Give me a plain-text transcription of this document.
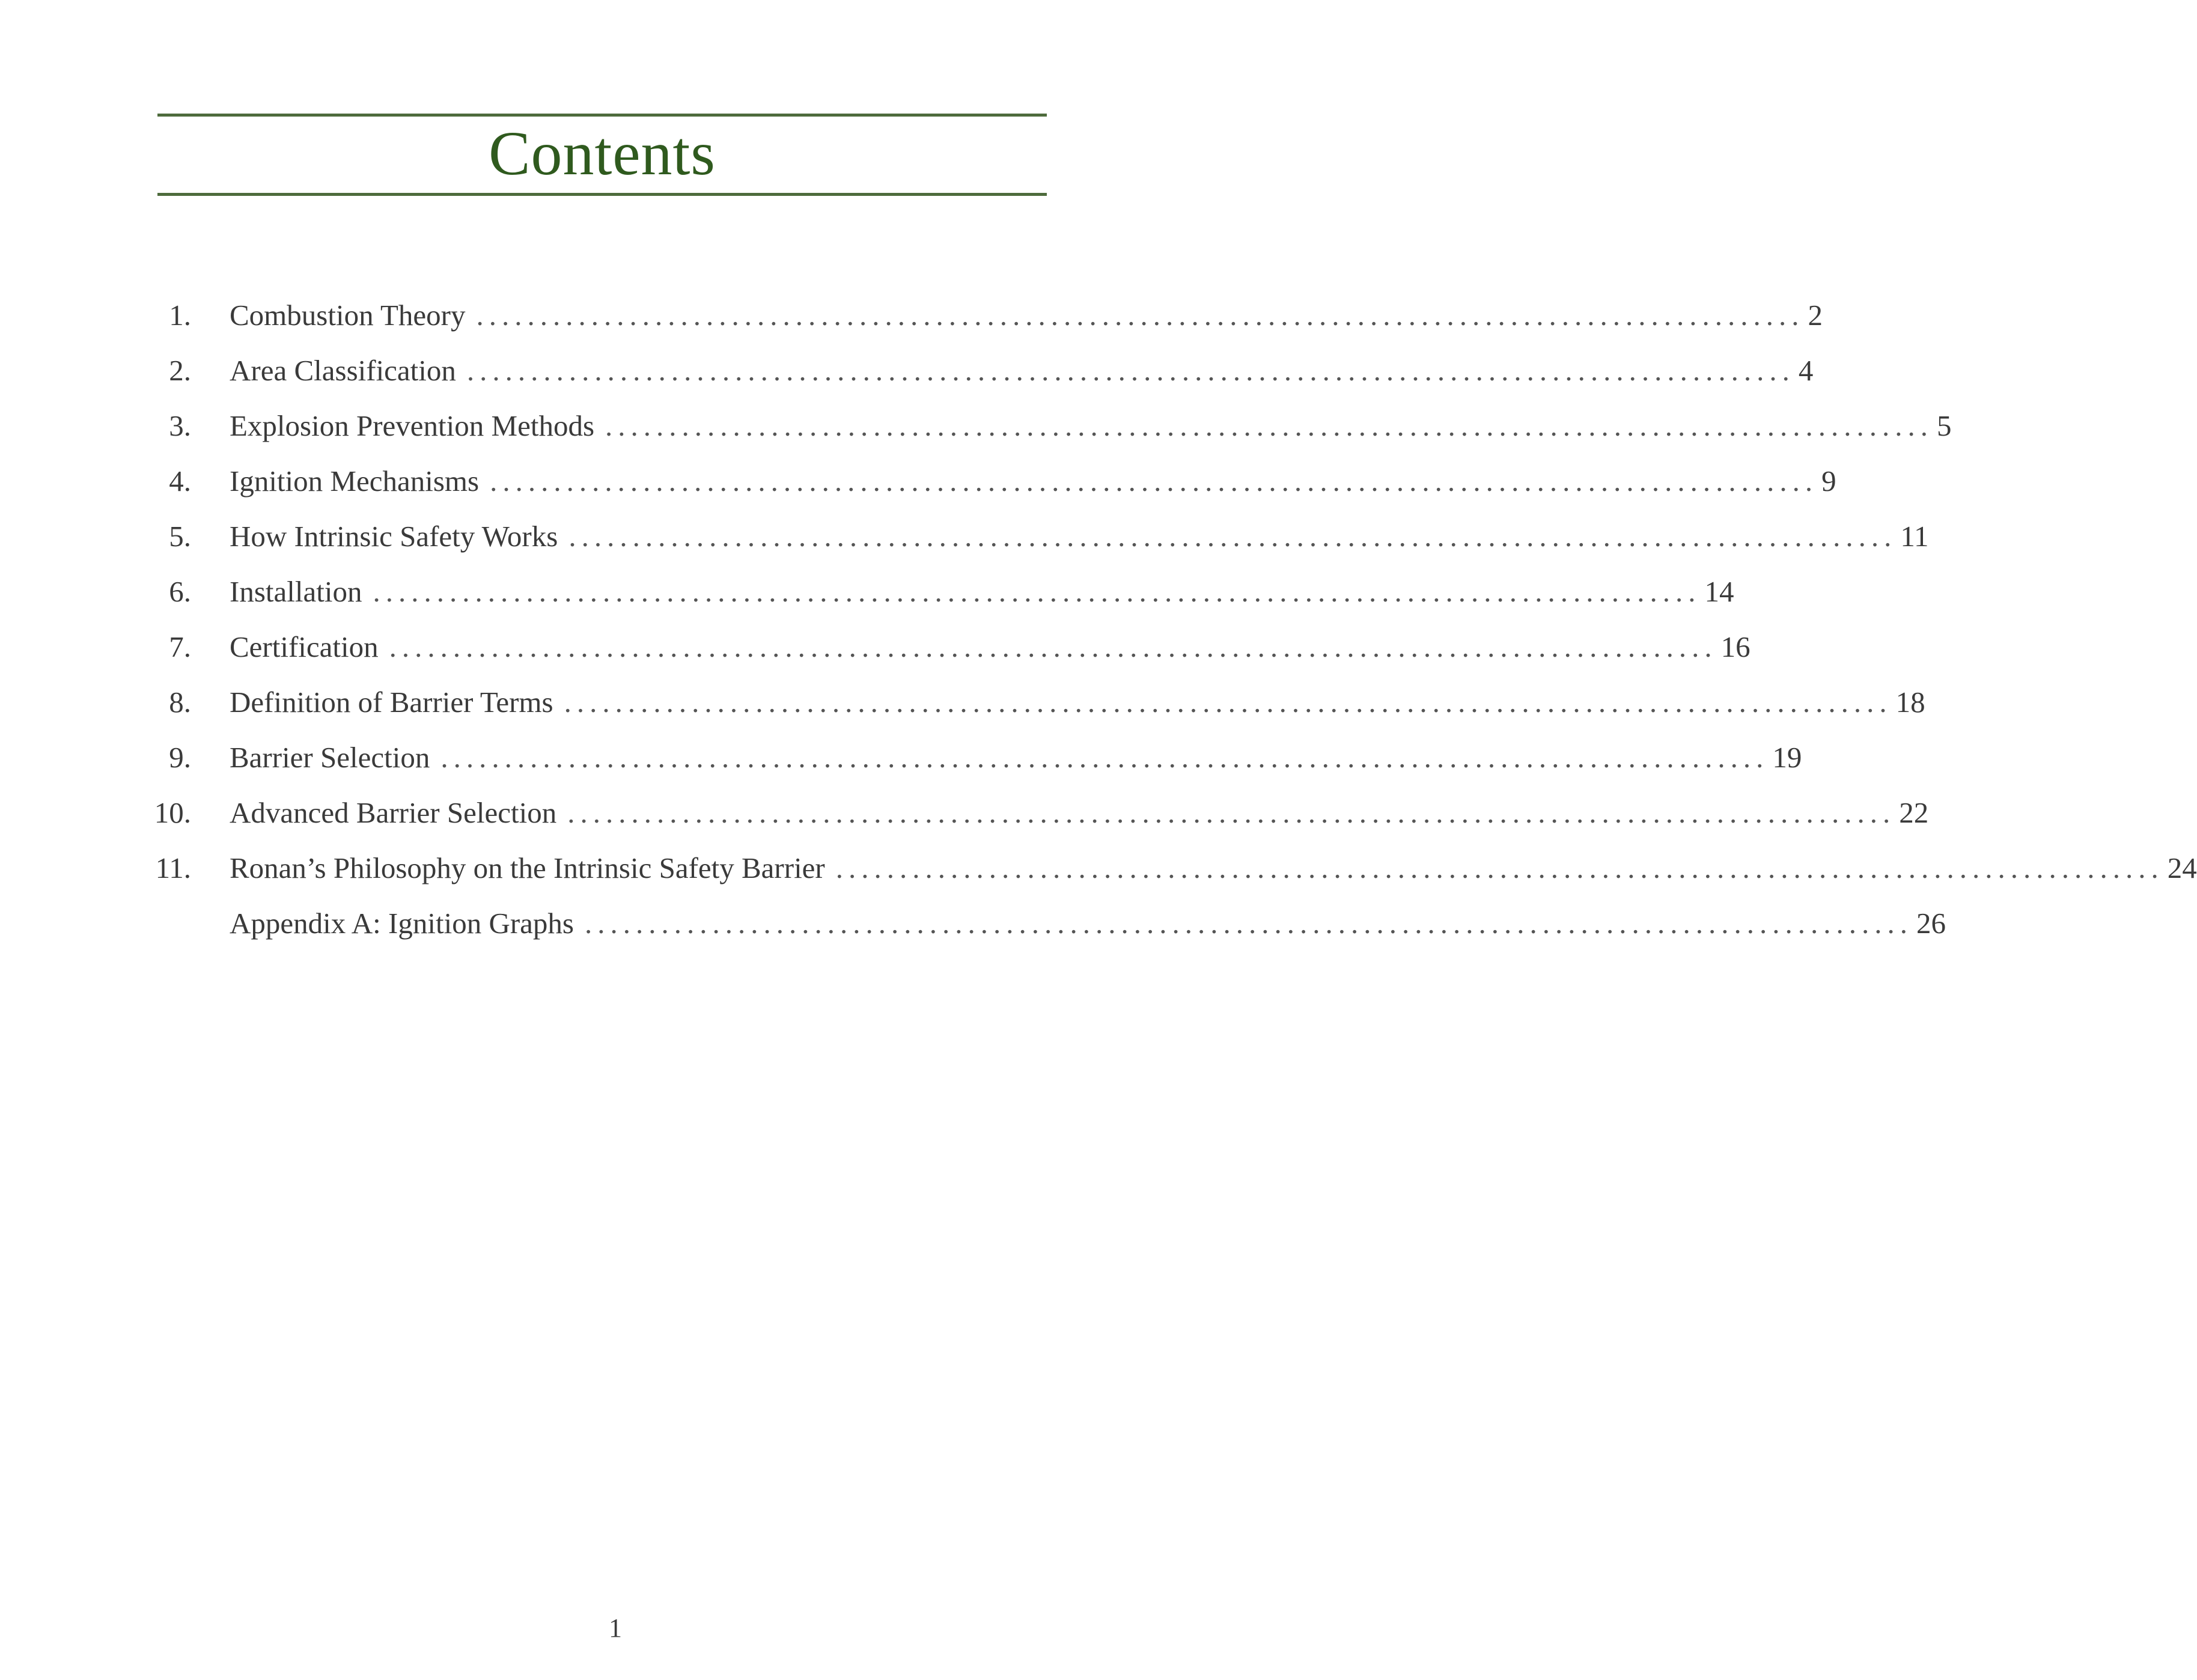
Contents
1. Combustion Theory ........................................................................................................ 2
2. Area Classification ........................................................................................................ 4
3. Explosion Prevention Methods ........................................................................................................ 5
4. Ignition Mechanisms ........................................................................................................ 9
5. How Intrinsic Safety Works ........................................................................................................ 11
6. Installation ........................................................................................................ 14
7. Certification ........................................................................................................ 16
8. Definition of Barrier Terms ........................................................................................................ 18
9. Barrier Selection ........................................................................................................ 19
10. Advanced Barrier Selection ........................................................................................................ 22
11. Ronan’s Philosophy on the Intrinsic Safety Barrier ........................................................................................................ 24
Appendix A: Ignition Graphs ........................................................................................................ 26
1
